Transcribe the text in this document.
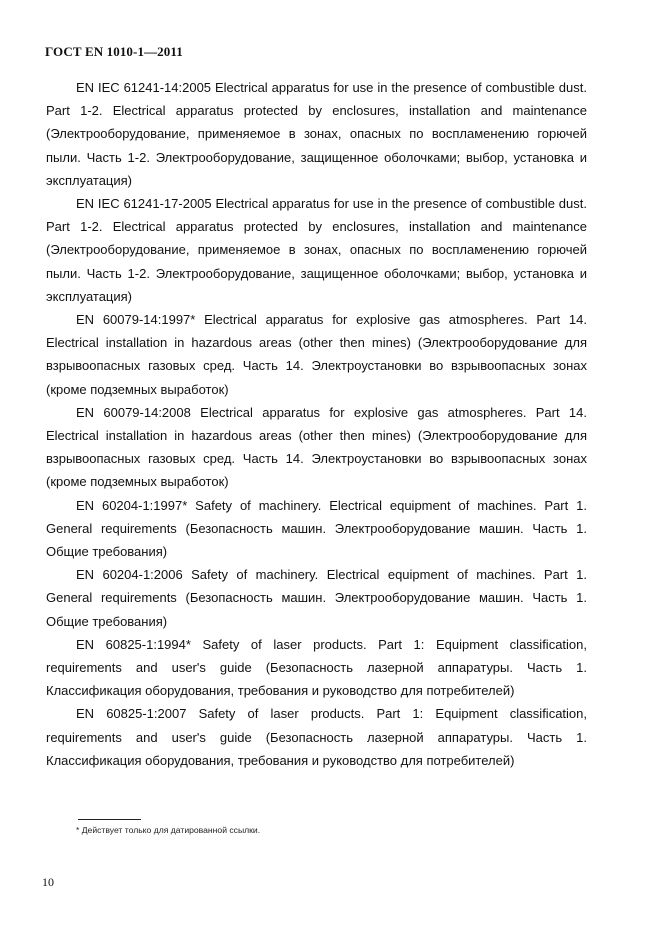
ГОСТ EN 1010-1—2011

EN IEC 61241-14:2005 Electrical apparatus for use in the presence of combustible dust. Part 1-2. Electrical apparatus protected by enclosures, installation and maintenance (Электрооборудование, применяемое в зонах, опасных по воспламенению горючей пыли. Часть 1-2. Электрооборудование, защищенное оболочками; выбор, установка и эксплуатация)

EN IEC 61241-17-2005 Electrical apparatus for use in the presence of combustible dust. Part 1-2. Electrical apparatus protected by enclosures, installation and maintenance (Электрооборудование, применяемое в зонах, опасных по воспламенению горючей пыли. Часть 1-2. Электрооборудование, защищенное оболочками; выбор, установка и эксплуатация)

EN 60079-14:1997* Electrical apparatus for explosive gas atmospheres. Part 14. Electrical installation in hazardous areas (other then mines) (Электрооборудование для взрывоопасных газовых сред. Часть 14. Электроустановки во взрывоопасных зонах (кроме подземных выработок)

EN 60079-14:2008 Electrical apparatus for explosive gas atmospheres. Part 14. Electrical installation in hazardous areas (other then mines) (Электрооборудование для взрывоопасных газовых сред. Часть 14. Электроустановки во взрывоопасных зонах (кроме подземных выработок)

EN 60204-1:1997* Safety of machinery. Electrical equipment of machines. Part 1. General requirements (Безопасность машин. Электрооборудование машин. Часть 1. Общие требования)

EN 60204-1:2006 Safety of machinery. Electrical equipment of machines. Part 1. General requirements (Безопасность машин. Электрооборудование машин. Часть 1. Общие требования)

EN 60825-1:1994* Safety of laser products. Part 1: Equipment classification, requirements and user's guide (Безопасность лазерной аппаратуры. Часть 1. Классификация оборудования, требования и руководство для потребителей)

EN 60825-1:2007 Safety of laser products. Part 1: Equipment classification, requirements and user's guide (Безопасность лазерной аппаратуры. Часть 1. Классификация оборудования, требования и руководство для потребителей)

* Действует только для датированной ссылки.
10
